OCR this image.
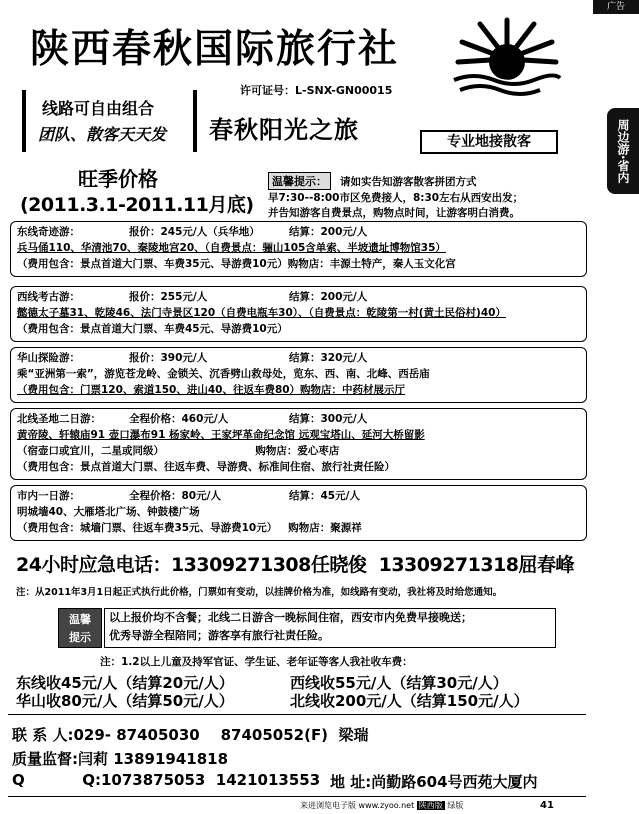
广告
周边游·省内
陕西春秋国际旅行社
许可证号：L-SNX-GN00015
线路可自由组合
团队、散客天天发 春秋阳光之旅	专业地接散客
旺季价格
(2011.3.1-2011.11月底)
温馨提示：	请如实告知游客散客拼团方式
早7:30--8:00市区免费接人，8:30左右从西安出发；
并告知游客自费景点，购物点时间，让游客明白消费。
东线奇迹游：	报价：245元/人（兵华地）	结算：200元/人
兵马俑110、华清池70、秦陵地宫20、（自费景点：骊山105含单索、半坡遗址博物馆35）
（费用包含：景点首道大门票、车费35元、导游费10元）购物店：丰源土特产，秦人玉文化宫
西线考古游：	报价：255元/人	结算：200元/人
懿德太子墓31、乾陵46、法门寺景区120（自费电瓶车30）、（自费景点：乾陵第一村(黄土民俗村)40）
（费用包含：景点首道大门票、车费45元、导游费10元）
华山探险游：	报价：390元/人	结算：320元/人
乘“亚洲第一索”，游览苍龙岭、金锁关、沉香劈山救母处，览东、西、南、北峰、西岳庙
（费用包含：门票120、索道150、进山40、往返车费80）购物店：中药材展示厅
北线圣地二日游：	全程价格：460元/人	结算：300元/人
黄帝陵、轩辕庙91 壶口瀑布91 杨家岭、王家坪革命纪念馆 远观宝塔山、延河大桥留影
（宿壶口或宜川，二星或同级）                         购物店：爱心枣店
（费用包含：景点首道大门票、往返车费、导游费、标准间住宿、旅行社责任险）
市内一日游：	全程价格：80元/人	结算：45元/人
明城墙40、大雁塔北广场、钟鼓楼广场
（费用包含：城墙门票、往返车费35元、导游费10元）   购物店：聚源祥
24小时应急电话：13309271308任晓俊  13309271318屈春峰
注：从2011年3月1日起正式执行此价格，门票如有变动，以挂牌价格为准，如线路有变动，我社将及时给您通知。
温馨
提示
以上报价均不含餐；北线二日游含一晚标间住宿，西安市内免费早接晚送；
优秀导游全程陪同；游客享有旅行社责任险。
注：1.2以上儿童及持军官证、学生证、老年证等客人我社收车费：
东线收45元/人（结算20元/人）	西线收55元/人（结算30元/人）
华山收80元/人（结算50元/人）	北线收200元/人（结算150元/人）
联 系 人:029- 87405030    87405052(F)  梁瑞
质量监督:闫莉 13891941818
Q           Q:1073875053  1421013553 地 址:尚勤路604号西苑大厦内
来进浏览电子版 www.zyoo.net 陕西版 绿版	41
